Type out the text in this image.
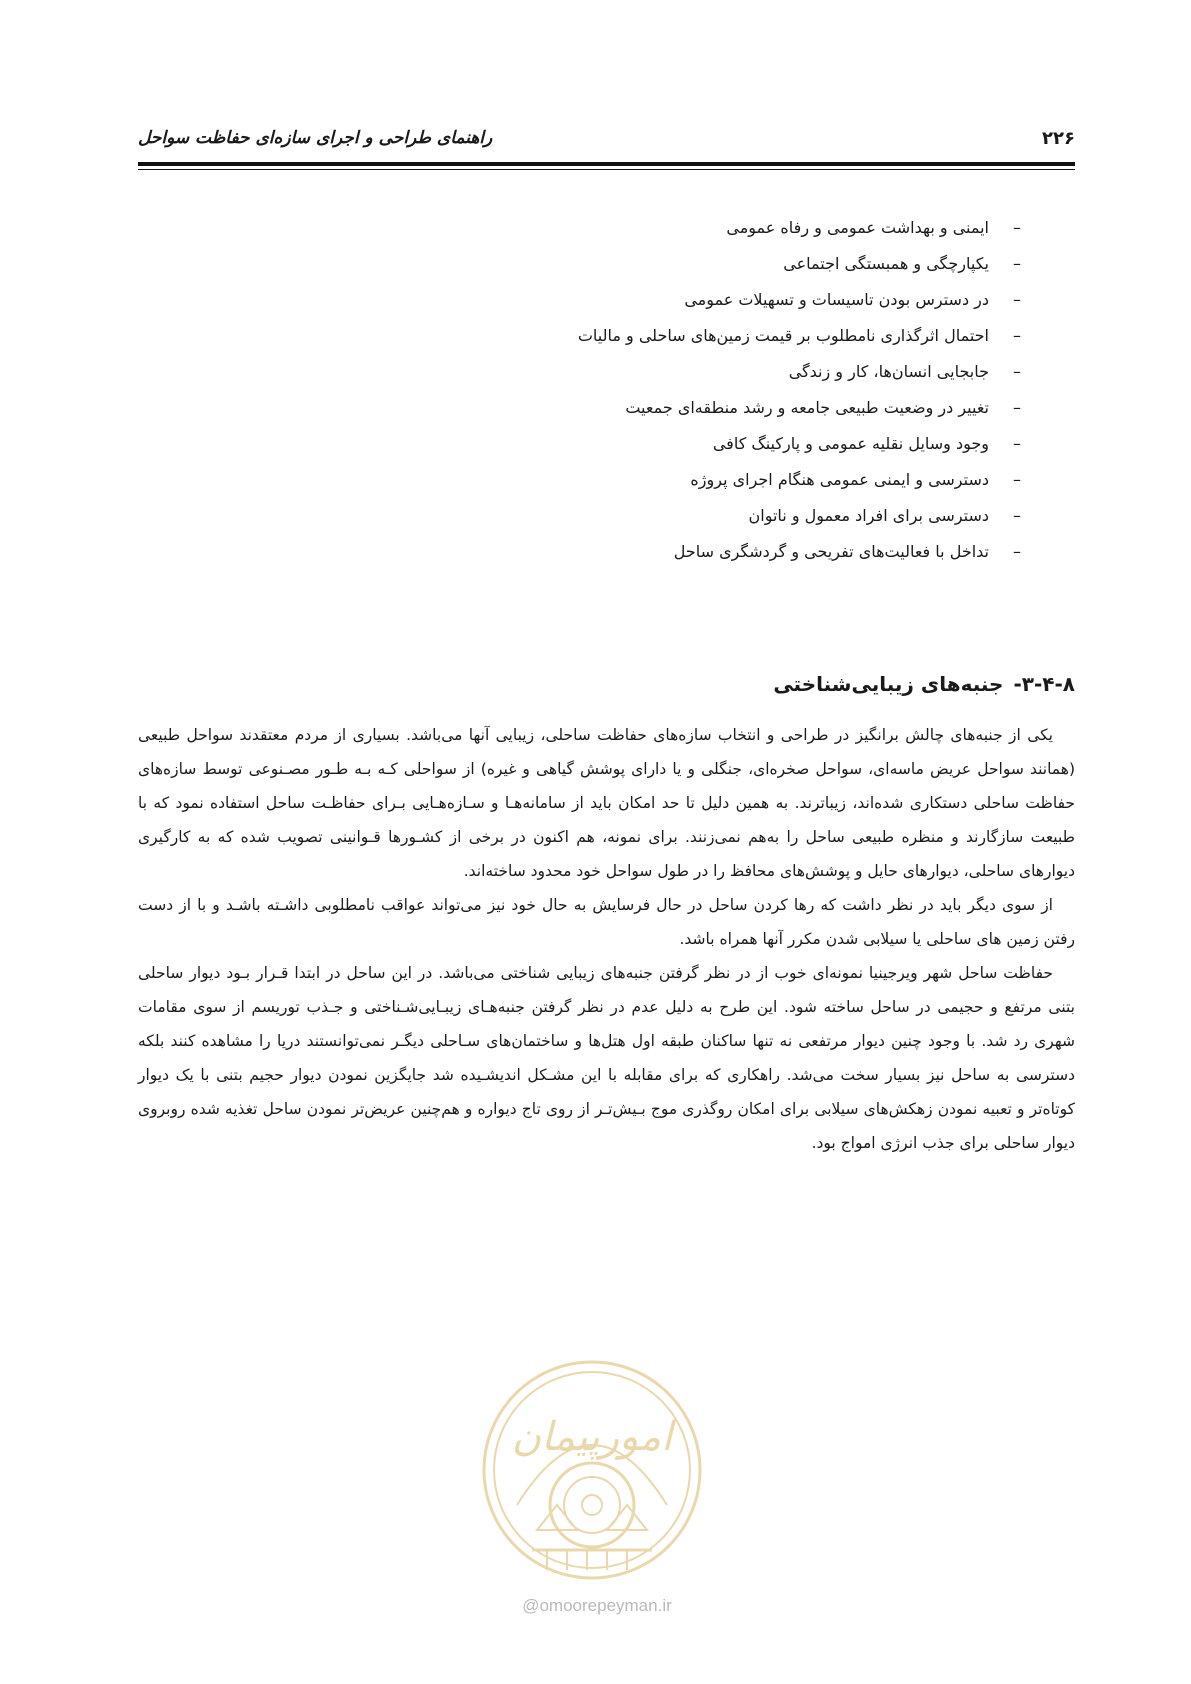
۲۲۶
راهنمای طراحی و اجرای سازه‌ای حفاظت سواحل
–ایمنی و بهداشت عمومی و رفاه عمومی
–یکپارچگی و همبستگی اجتماعی
–در دسترس بودن تاسیسات و تسهیلات عمومی
–احتمال اثرگذاری نامطلوب بر قیمت زمین‌های ساحلی و مالیات
–جابجایی انسان‌ها، کار و زندگی
–تغییر در وضعیت طبیعی جامعه و رشد منطقه‌ای جمعیت
–وجود وسایل نقلیه عمومی و پارکینگ کافی
–دسترسی و ایمنی عمومی هنگام اجرای پروژه
–دسترسی برای افراد معمول و ناتوان
–تداخل با فعالیت‌های تفریحی و گردشگری ساحل
۳-۴-۸-جنبه‌های زیبایی‌شناختی

یکی از جنبه‌های چالش برانگیز در طراحی و انتخاب سازه‌های حفاظت ساحلی، زیبایی آنها می‌باشد. بسیاری از مردم معتقدند سواحل طبیعی (همانند سواحل عریض ماسه‌ای، سواحل صخره‌ای، جنگلی و یا دارای پوشش گیاهی و غیره) از سواحلی کـه بـه طـور مصـنوعی توسط سازه‌های حفاظت ساحلی دستکاری شده‌اند، زیباترند. به همین دلیل تا حد امکان باید از سامانه‌هـا و سـازه‌هـایی بـرای حفاظـت ساحل استفاده نمود که با طبیعت سازگارند و منظره طبیعی ساحل را به‌هم نمی‌زنند. برای نمونه، هم اکنون در برخی از کشـورها قـوانینی تصویب شده که به کارگیری دیوارهای ساحلی، دیوارهای حایل و پوشش‌های محافظ را در طول سواحل خود محدود ساخته‌اند.

از سوی دیگر باید در نظر داشت که رها کردن ساحل در حال فرسایش به حال خود نیز می‌تواند عواقب نامطلوبی داشـته باشـد و با از دست رفتن زمین های ساحلی یا سیلابی شدن مکرر آنها همراه باشد.

حفاظت ساحل شهر ویرجینیا نمونه‌ای خوب از در نظر گرفتن جنبه‌های زیبایی شناختی می‌باشد. در این ساحل در ابتدا قـرار بـود دیوار ساحلی بتنی مرتفع و حجیمی در ساحل ساخته شود. این طرح به دلیل عدم در نظر گرفتن جنبه‌هـای زیبـایی‌شـناختی و جـذب توریسم از سوی مقامات شهری رد شد. با وجود چنین دیوار مرتفعی نه تنها ساکنان طبقه اول هتل‌ها و ساختمان‌های سـاحلی دیگـر نمی‌توانستند دریا را مشاهده کنند بلکه دسترسی به ساحل نیز بسیار سخت می‌شد. راهکاری که برای مقابله با این مشـکل اندیشـیده شد جایگزین نمودن دیوار حجیم بتنی با یک دیوار کوتاه‌تر و تعبیه نمودن زهکش‌های سیلابی برای امکان روگذری موج بـیش‌تـر از روی تاج دیواره و هم‌چنین عریض‌تر نمودن ساحل تغذیه شده روبروی دیوار ساحلی برای جذب انرژی امواج بود.

امورپیمان
@omoorepeyman.ir
